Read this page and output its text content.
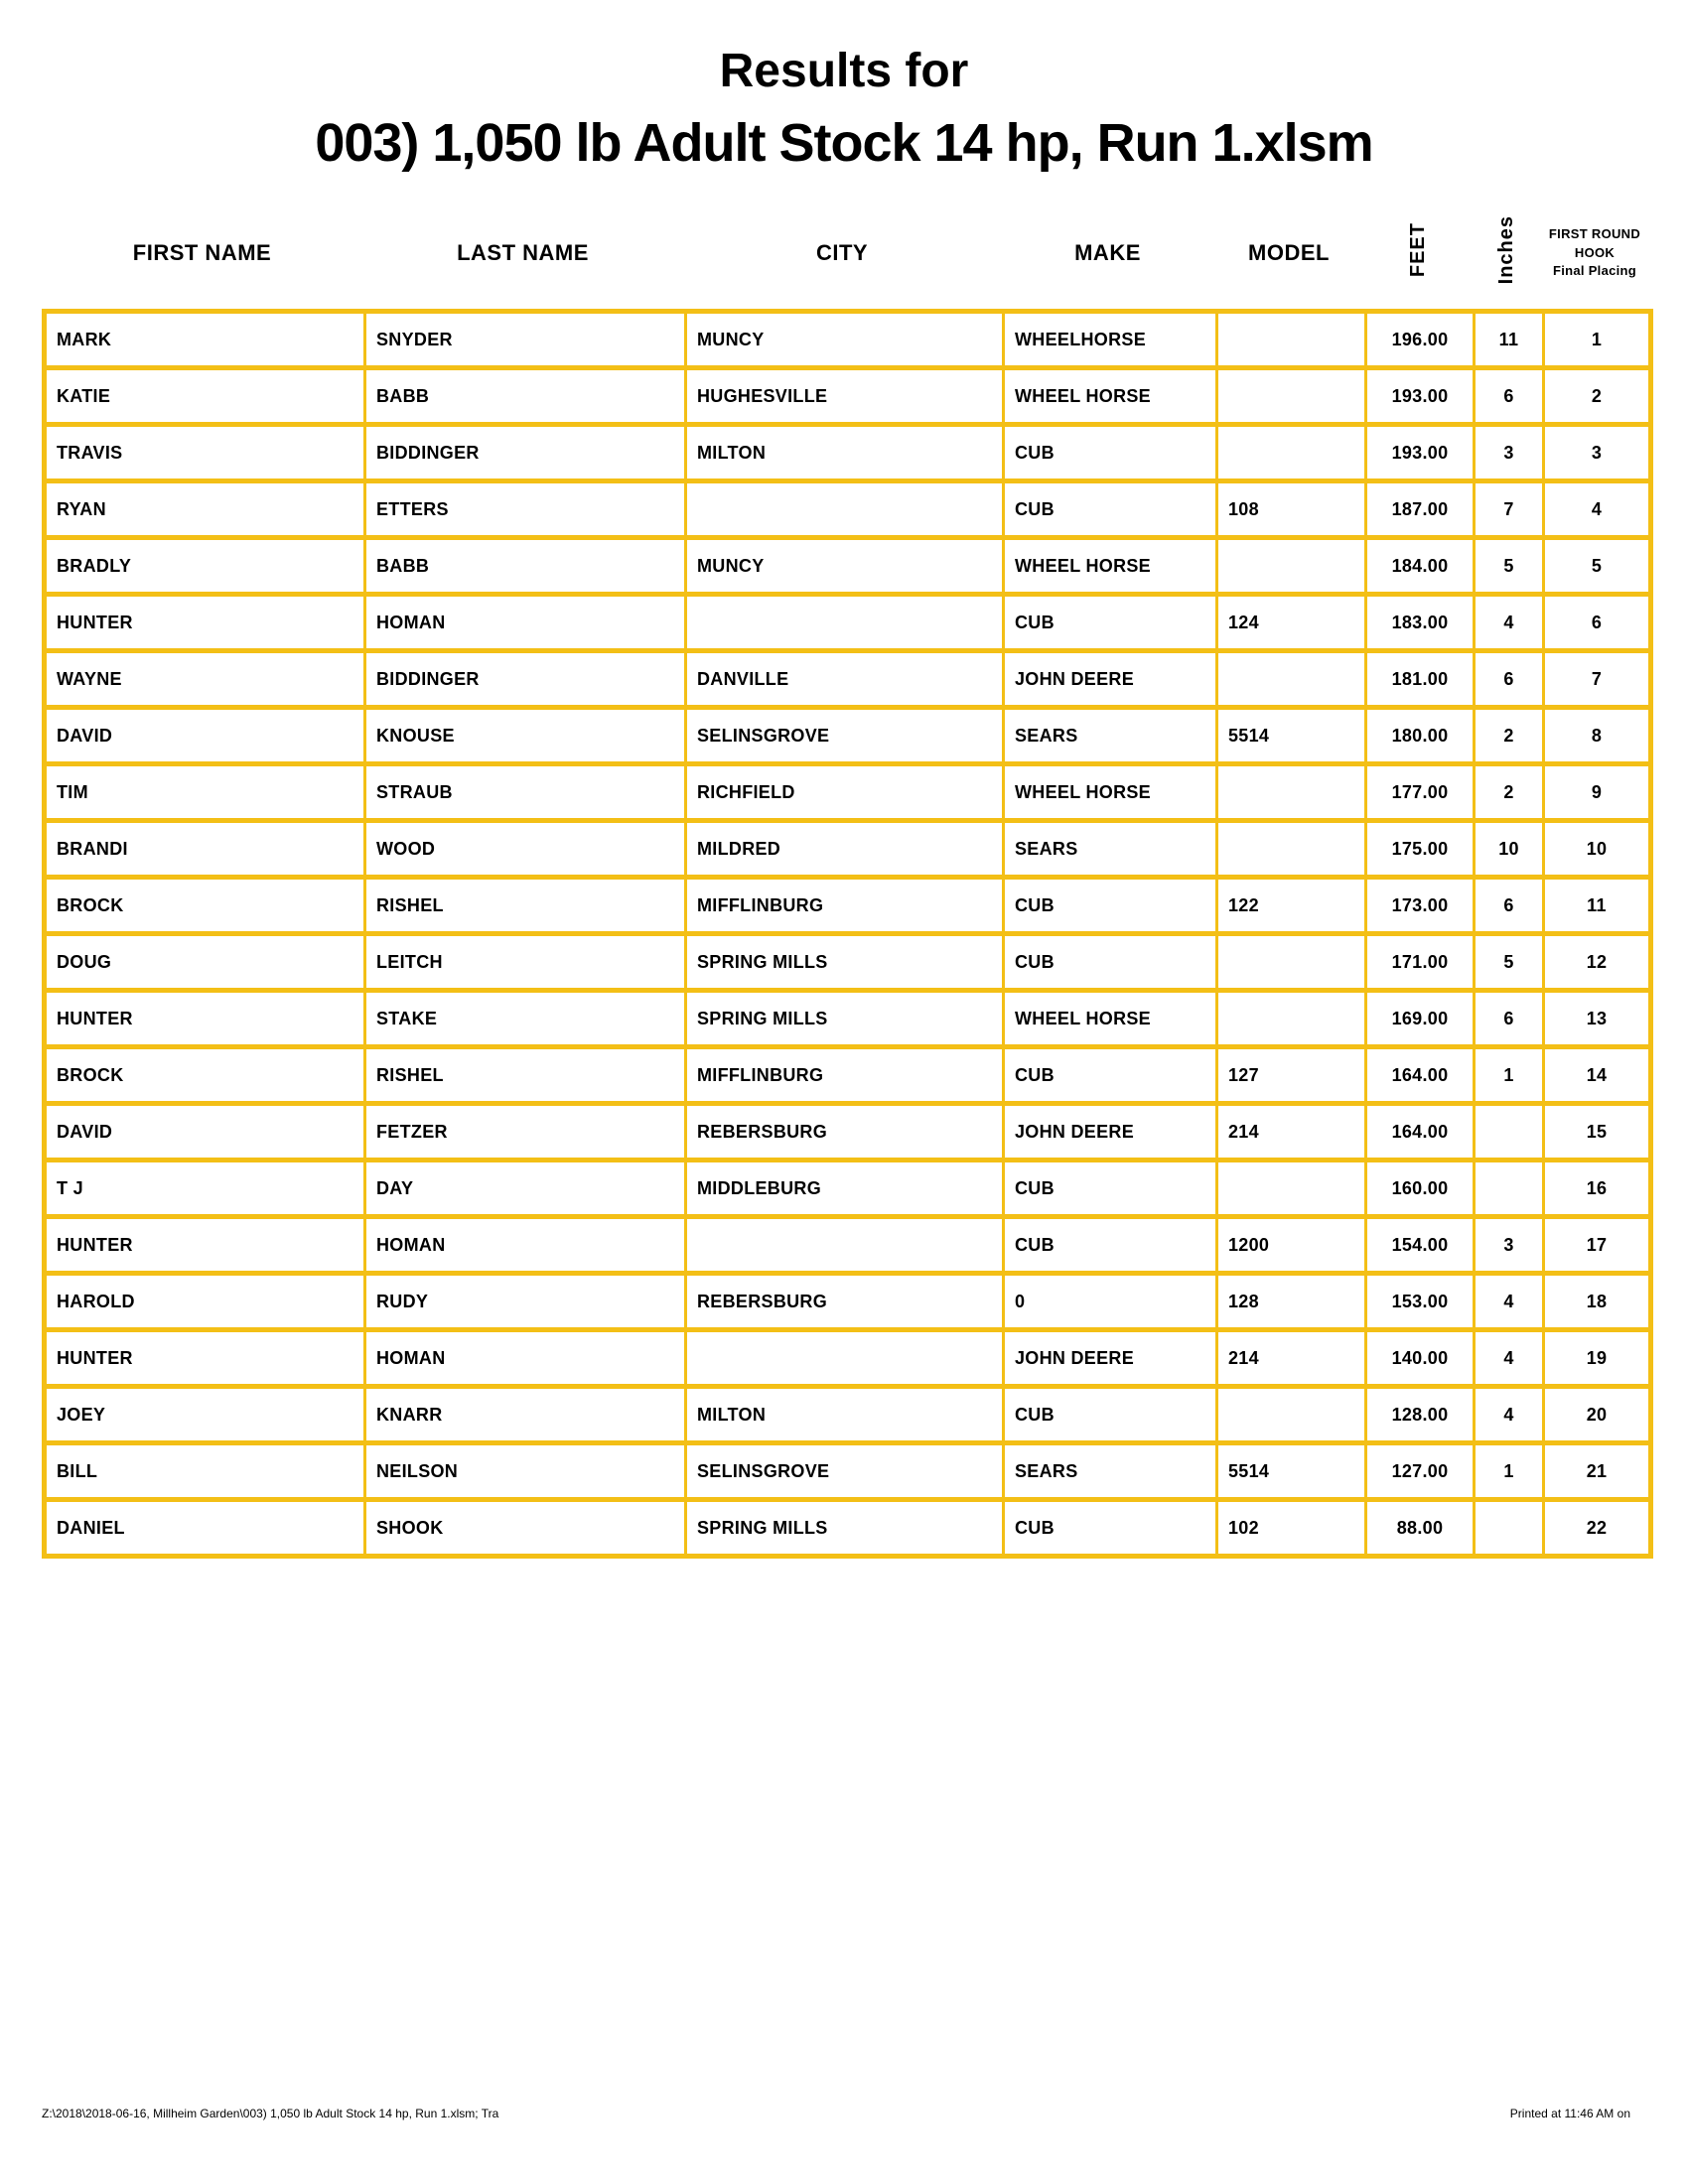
Results for
003) 1,050 lb Adult Stock 14 hp, Run 1.xlsm
FIRST NAME	LAST NAME	CITY	MAKE	MODEL	FEET	Inches	FIRST ROUND
HOOK
Final Placing
MARK	SNYDER	MUNCY	WHEELHORSE		196.00	11	1
KATIE	BABB	HUGHESVILLE	WHEEL HORSE		193.00	6	2
TRAVIS	BIDDINGER	MILTON	CUB		193.00	3	3
RYAN	ETTERS		CUB	108	187.00	7	4
BRADLY	BABB	MUNCY	WHEEL HORSE		184.00	5	5
HUNTER	HOMAN		CUB	124	183.00	4	6
WAYNE	BIDDINGER	DANVILLE	JOHN DEERE		181.00	6	7
DAVID	KNOUSE	SELINSGROVE	SEARS	5514	180.00	2	8
TIM	STRAUB	RICHFIELD	WHEEL HORSE		177.00	2	9
BRANDI	WOOD	MILDRED	SEARS		175.00	10	10
BROCK	RISHEL	MIFFLINBURG	CUB	122	173.00	6	11
DOUG	LEITCH	SPRING MILLS	CUB		171.00	5	12
HUNTER	STAKE	SPRING MILLS	WHEEL HORSE		169.00	6	13
BROCK	RISHEL	MIFFLINBURG	CUB	127	164.00	1	14
DAVID	FETZER	REBERSBURG	JOHN DEERE	214	164.00		15
T J	DAY	MIDDLEBURG	CUB		160.00		16
HUNTER	HOMAN		CUB	1200	154.00	3	17
HAROLD	RUDY	REBERSBURG	0	128	153.00	4	18
HUNTER	HOMAN		JOHN DEERE	214	140.00	4	19
JOEY	KNARR	MILTON	CUB		128.00	4	20
BILL	NEILSON	SELINSGROVE	SEARS	5514	127.00	1	21
DANIEL	SHOOK	SPRING MILLS	CUB	102	88.00		22
Z:\2018\2018-06-16, Millheim Garden\003) 1,050 lb Adult Stock 14 hp, Run 1.xlsm; Tra	Printed at 11:46 AM on
